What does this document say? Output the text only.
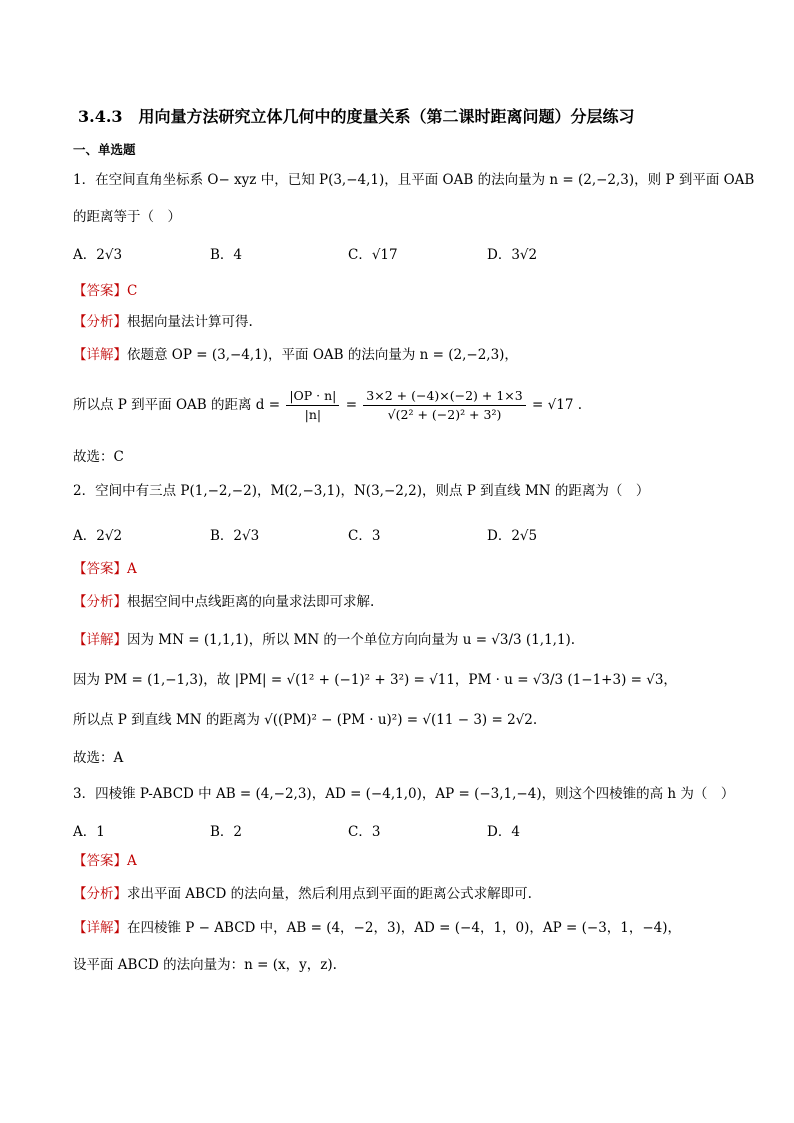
3.4.3　用向量方法研究立体几何中的度量关系（第二课时距离问题）分层练习
一、单选题
1．在空间直角坐标系 O− xyz 中，已知 P(3,−4,1)，且平面 OAB 的法向量为 n = (2,−2,3)，则 P 到平面 OAB
的距离等于（　）
A．2√3	B．4	C．√17	D．3√2
【答案】C
【分析】根据向量法计算可得.
【详解】依题意 OP = (3,−4,1)，平面 OAB 的法向量为 n = (2,−2,3)，
所以点 P 到平面 OAB 的距离 $d = \frac{|OP \cdot n|}{|n|} = \frac{3\times 2 + (-4)\times(-2) + 1\times 3}{\text{√(2² + (−2)² + 3²)}} = √17$ .
故选：C
2．空间中有三点 P(1,−2,−2)，M(2,−3,1)，N(3,−2,2)，则点 P 到直线 MN 的距离为（　）
A．2√2	B．2√3	C．3	D．2√5
【答案】A
【分析】根据空间中点线距离的向量求法即可求解.
【详解】因为 MN = (1,1,1)，所以 MN 的一个单位方向向量为 u = √3/3 (1,1,1).
因为 PM = (1,−1,3)，故 |PM| = √(1² + (−1)² + 3²) = √11，PM · u = √3/3 (1−1+3) = √3，
所以点 P 到直线 MN 的距离为 √((PM)² − (PM · u)²) = √(11 − 3) = 2√2.
故选：A
3．四棱锥 P-ABCD 中 AB = (4,−2,3)，AD = (−4,1,0)，AP = (−3,1,−4)，则这个四棱锥的高 h 为（　）
A．1	B．2	C．3	D．4
【答案】A
【分析】求出平面 ABCD 的法向量，然后利用点到平面的距离公式求解即可.
【详解】在四棱锥 P − ABCD 中，AB = (4，−2，3)，AD = (−4，1，0)，AP = (−3，1，−4)，
设平面 ABCD 的法向量为：n = (x，y，z).
